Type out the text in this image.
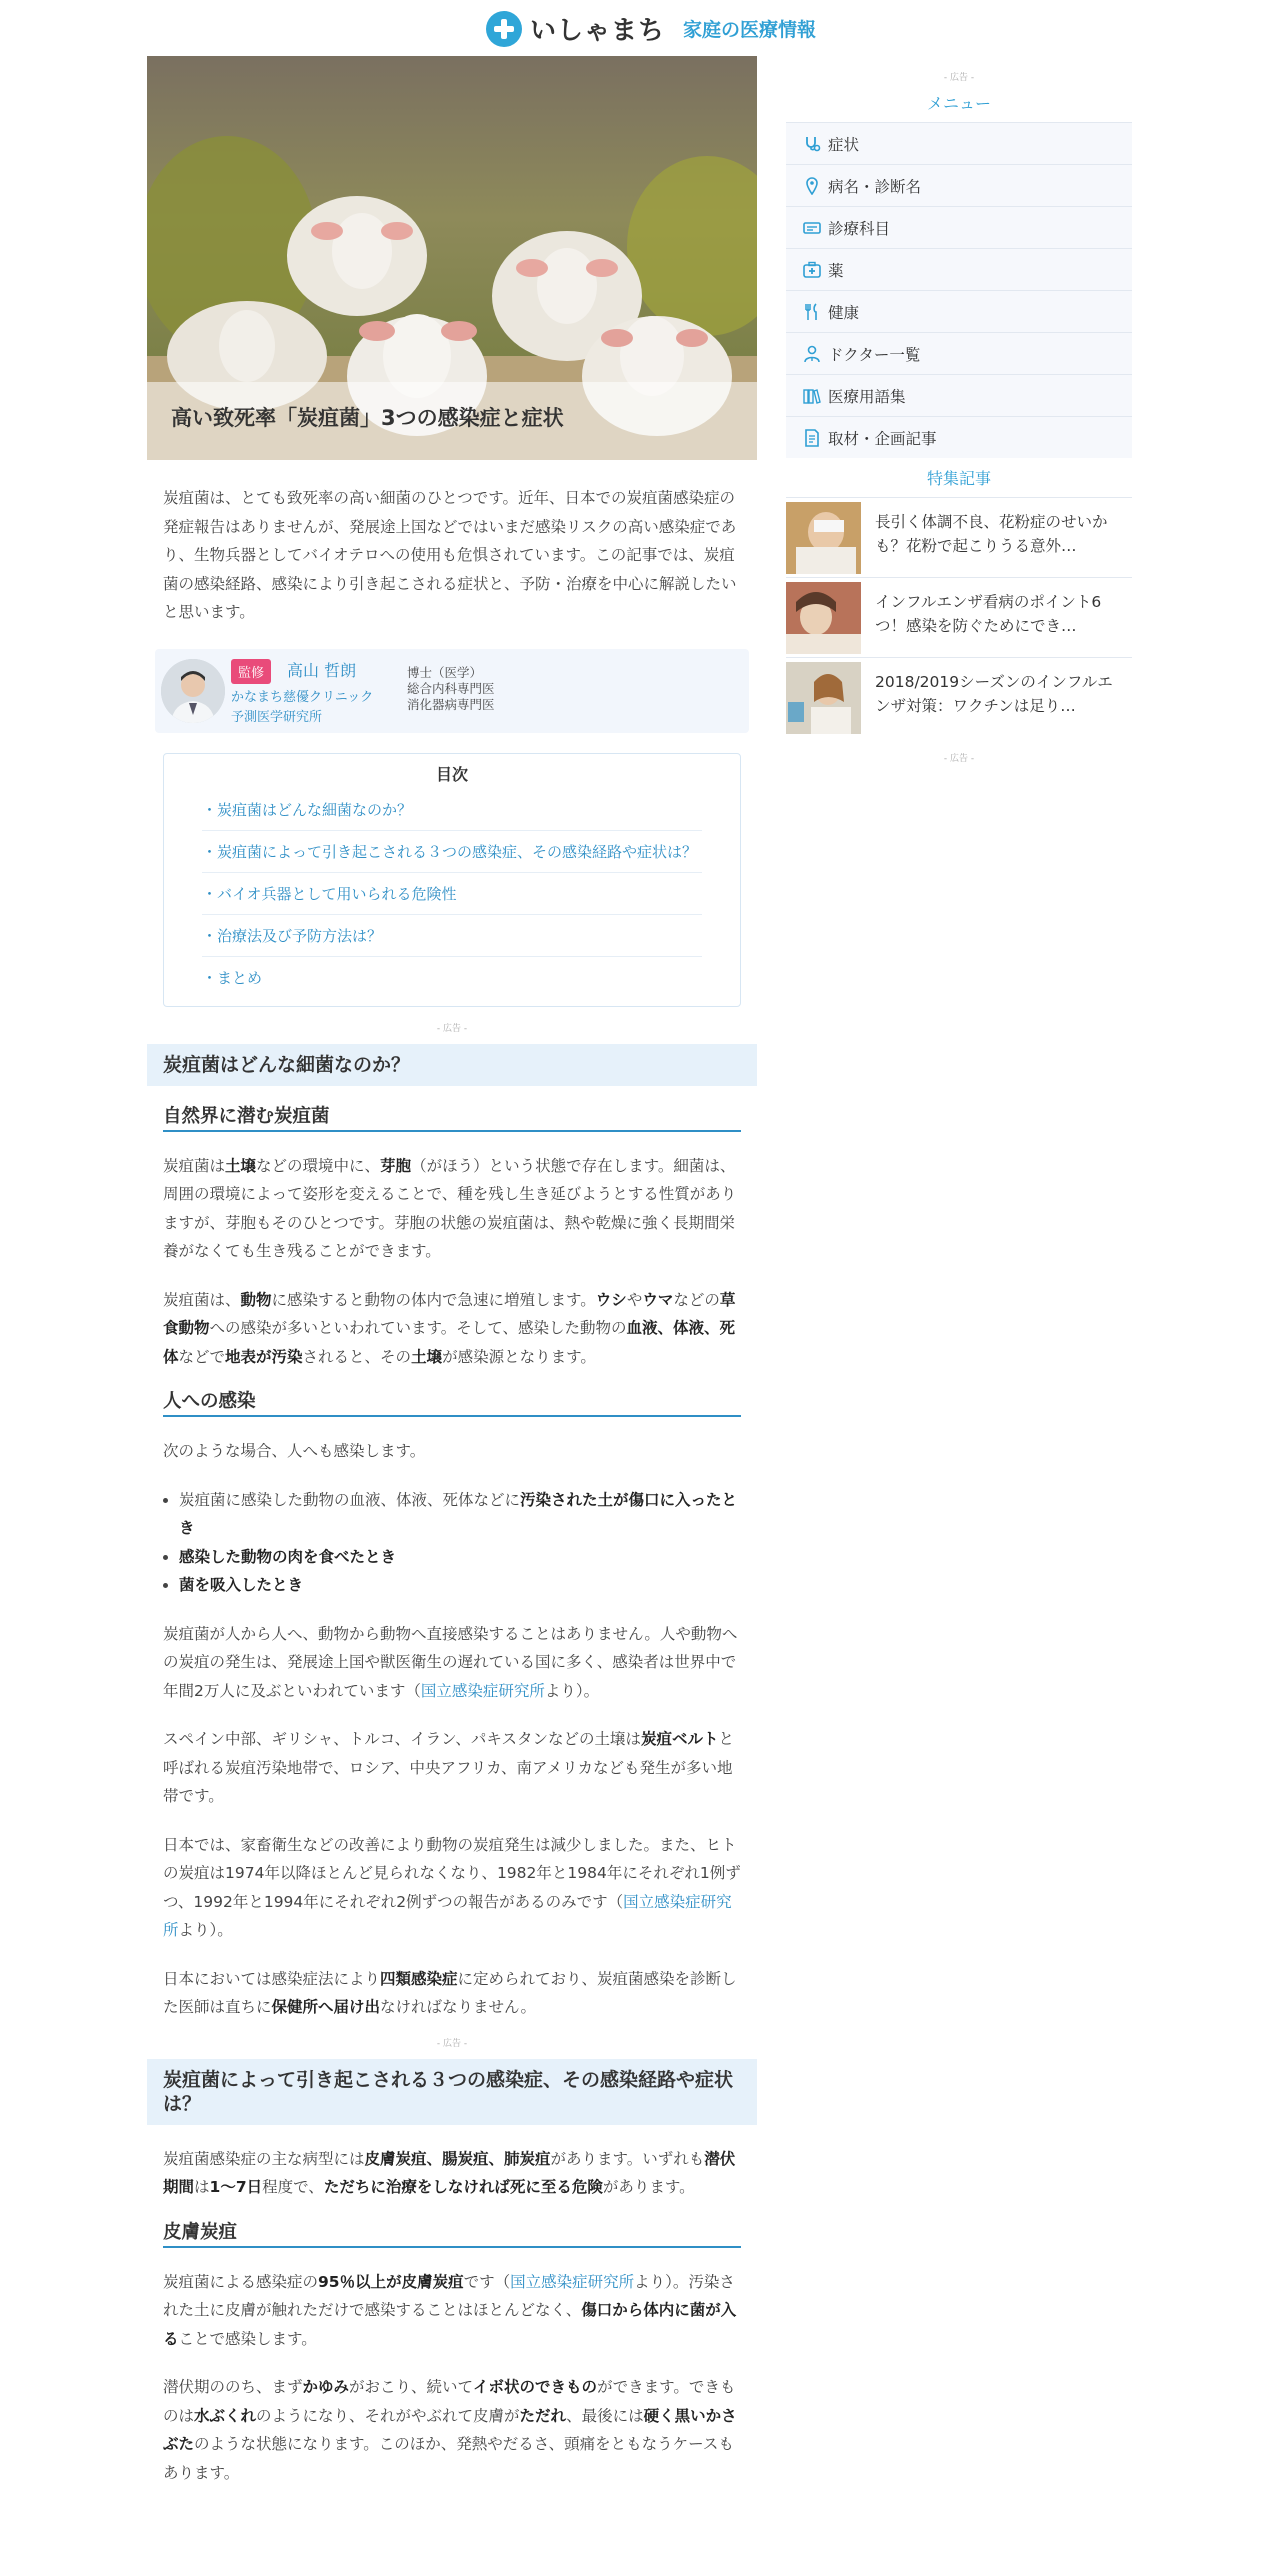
いしゃまち 家庭の医療情報
高い致死率「炭疽菌」3つの感染症と症状
炭疽菌は、とても致死率の高い細菌のひとつです。近年、日本での炭疽菌感染症の発症報告はありませんが、発展途上国などではいまだ感染リスクの高い感染症であり、生物兵器としてバイオテロへの使用も危惧されています。この記事では、炭疽菌の感染経路、感染により引き起こされる症状と、予防・治療を中心に解説したいと思います。
監修	高山 哲朗
かなまち慈優クリニック
予測医学研究所
博士（医学）
総合内科専門医
消化器病専門医
目次
・炭疽菌はどんな細菌なのか？
・炭疽菌によって引き起こされる３つの感染症、その感染経路や症状は？
・バイオ兵器として用いられる危険性
・治療法及び予防方法は？
・まとめ
- 広告 -
炭疽菌はどんな細菌なのか？
自然界に潜む炭疽菌
炭疽菌は土壌などの環境中に、芽胞（がほう）という状態で存在します。細菌は、周囲の環境によって姿形を変えることで、種を残し生き延びようとする性質がありますが、芽胞もそのひとつです。芽胞の状態の炭疽菌は、熱や乾燥に強く長期間栄養がなくても生き残ることができます。
炭疽菌は、動物に感染すると動物の体内で急速に増殖します。ウシやウマなどの草食動物への感染が多いといわれています。そして、感染した動物の血液、体液、死体などで地表が汚染されると、その土壌が感染源となります。
人への感染
次のような場合、人へも感染します。
• 炭疽菌に感染した動物の血液、体液、死体などに汚染された土が傷口に入ったとき
• 感染した動物の肉を食べたとき
• 菌を吸入したとき
炭疽菌が人から人へ、動物から動物へ直接感染することはありません。人や動物への炭疽の発生は、発展途上国や獣医衛生の遅れている国に多く、感染者は世界中で年間2万人に及ぶといわれています（国立感染症研究所より）。
スペイン中部、ギリシャ、トルコ、イラン、パキスタンなどの土壌は炭疽ベルトと呼ばれる炭疽汚染地帯で、ロシア、中央アフリカ、南アメリカなども発生が多い地帯です。
日本では、家畜衛生などの改善により動物の炭疽発生は減少しました。また、ヒトの炭疽は1974年以降ほとんど見られなくなり、1982年と1984年にそれぞれ1例ずつ、1992年と1994年にそれぞれ2例ずつの報告があるのみです（国立感染症研究所より）。
日本においては感染症法により四類感染症に定められており、炭疽菌感染を診断した医師は直ちに保健所へ届け出なければなりません。
- 広告 -
炭疽菌によって引き起こされる３つの感染症、その感染経路や症状は？
炭疽菌感染症の主な病型には皮膚炭疽、腸炭疽、肺炭疽があります。いずれも潜伏期間は1～7日程度で、ただちに治療をしなければ死に至る危険があります。
皮膚炭疽
炭疽菌による感染症の95％以上が皮膚炭疽です（国立感染症研究所より）。汚染された土に皮膚が触れただけで感染することはほとんどなく、傷口から体内に菌が入ることで感染します。
潜伏期ののち、まずかゆみがおこり、続いてイボ状のできものができます。できものは水ぶくれのようになり、それがやぶれて皮膚がただれ、最後には硬く黒いかさぶたのような状態になります。このほか、発熱やだるさ、頭痛をともなうケースもあります。
- 広告 -
メニュー
症状
病名・診断名
診療科目
薬
健康
ドクター一覧
医療用語集
取材・企画記事
特集記事
長引く体調不良、花粉症のせいかも？花粉で起こりうる意外…
インフルエンザ看病のポイント6つ！感染を防ぐためにでき…
2018/2019シーズンのインフルエンザ対策：ワクチンは足り…
- 広告 -
